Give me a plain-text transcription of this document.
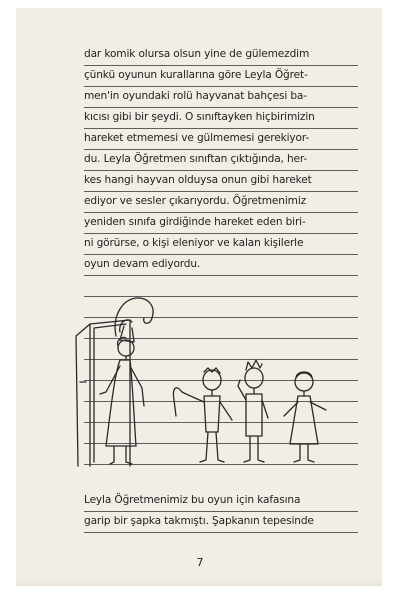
dar komik olursa olsun yine de gülemezdim
çünkü oyunun kurallarına göre Leyla Öğret-
men'in oyundaki rolü hayvanat bahçesi ba-
kıcısı gibi bir şeydi. O sınıftayken hiçbirimizin
hareket etmemesi ve gülmemesi gerekiyor-
du. Leyla Öğretmen sınıftan çıktığında, her-
kes hangi hayvan olduysa onun gibi hareket
ediyor ve sesler çıkarıyordu. Öğretmenimiz
yeniden sınıfa girdiğinde hareket eden biri-
ni görürse, o kişi eleniyor ve kalan kişilerle
oyun devam ediyordu.
Leyla Öğretmenimiz bu oyun için kafasına
garip bir şapka takmıştı. Şapkanın tepesinde
7
